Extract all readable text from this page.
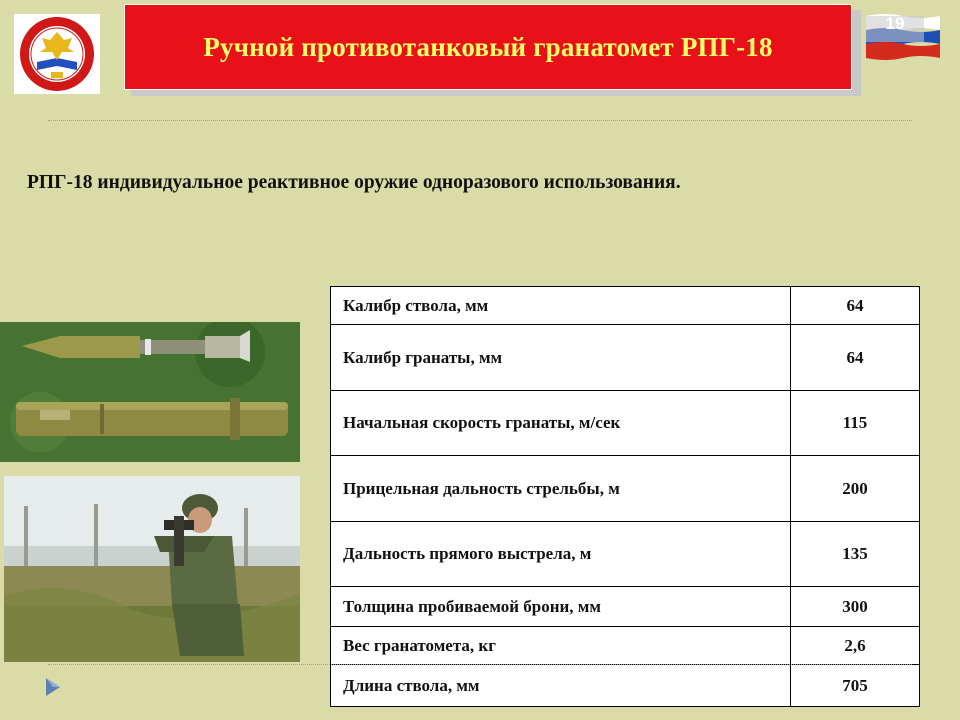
Ручной противотанковый гранатомет РПГ-18
19
РПГ-18 индивидуальное реактивное оружие одноразового использования.
Калибр ствола, мм	64
Калибр гранаты, мм	64
Начальная скорость гранаты, м/сек	115
Прицельная дальность стрельбы, м	200
Дальность прямого выстрела, м	135
Толщина пробиваемой брони, мм	300
Вес гранатомета, кг	2,6
Длина ствола, мм	705
